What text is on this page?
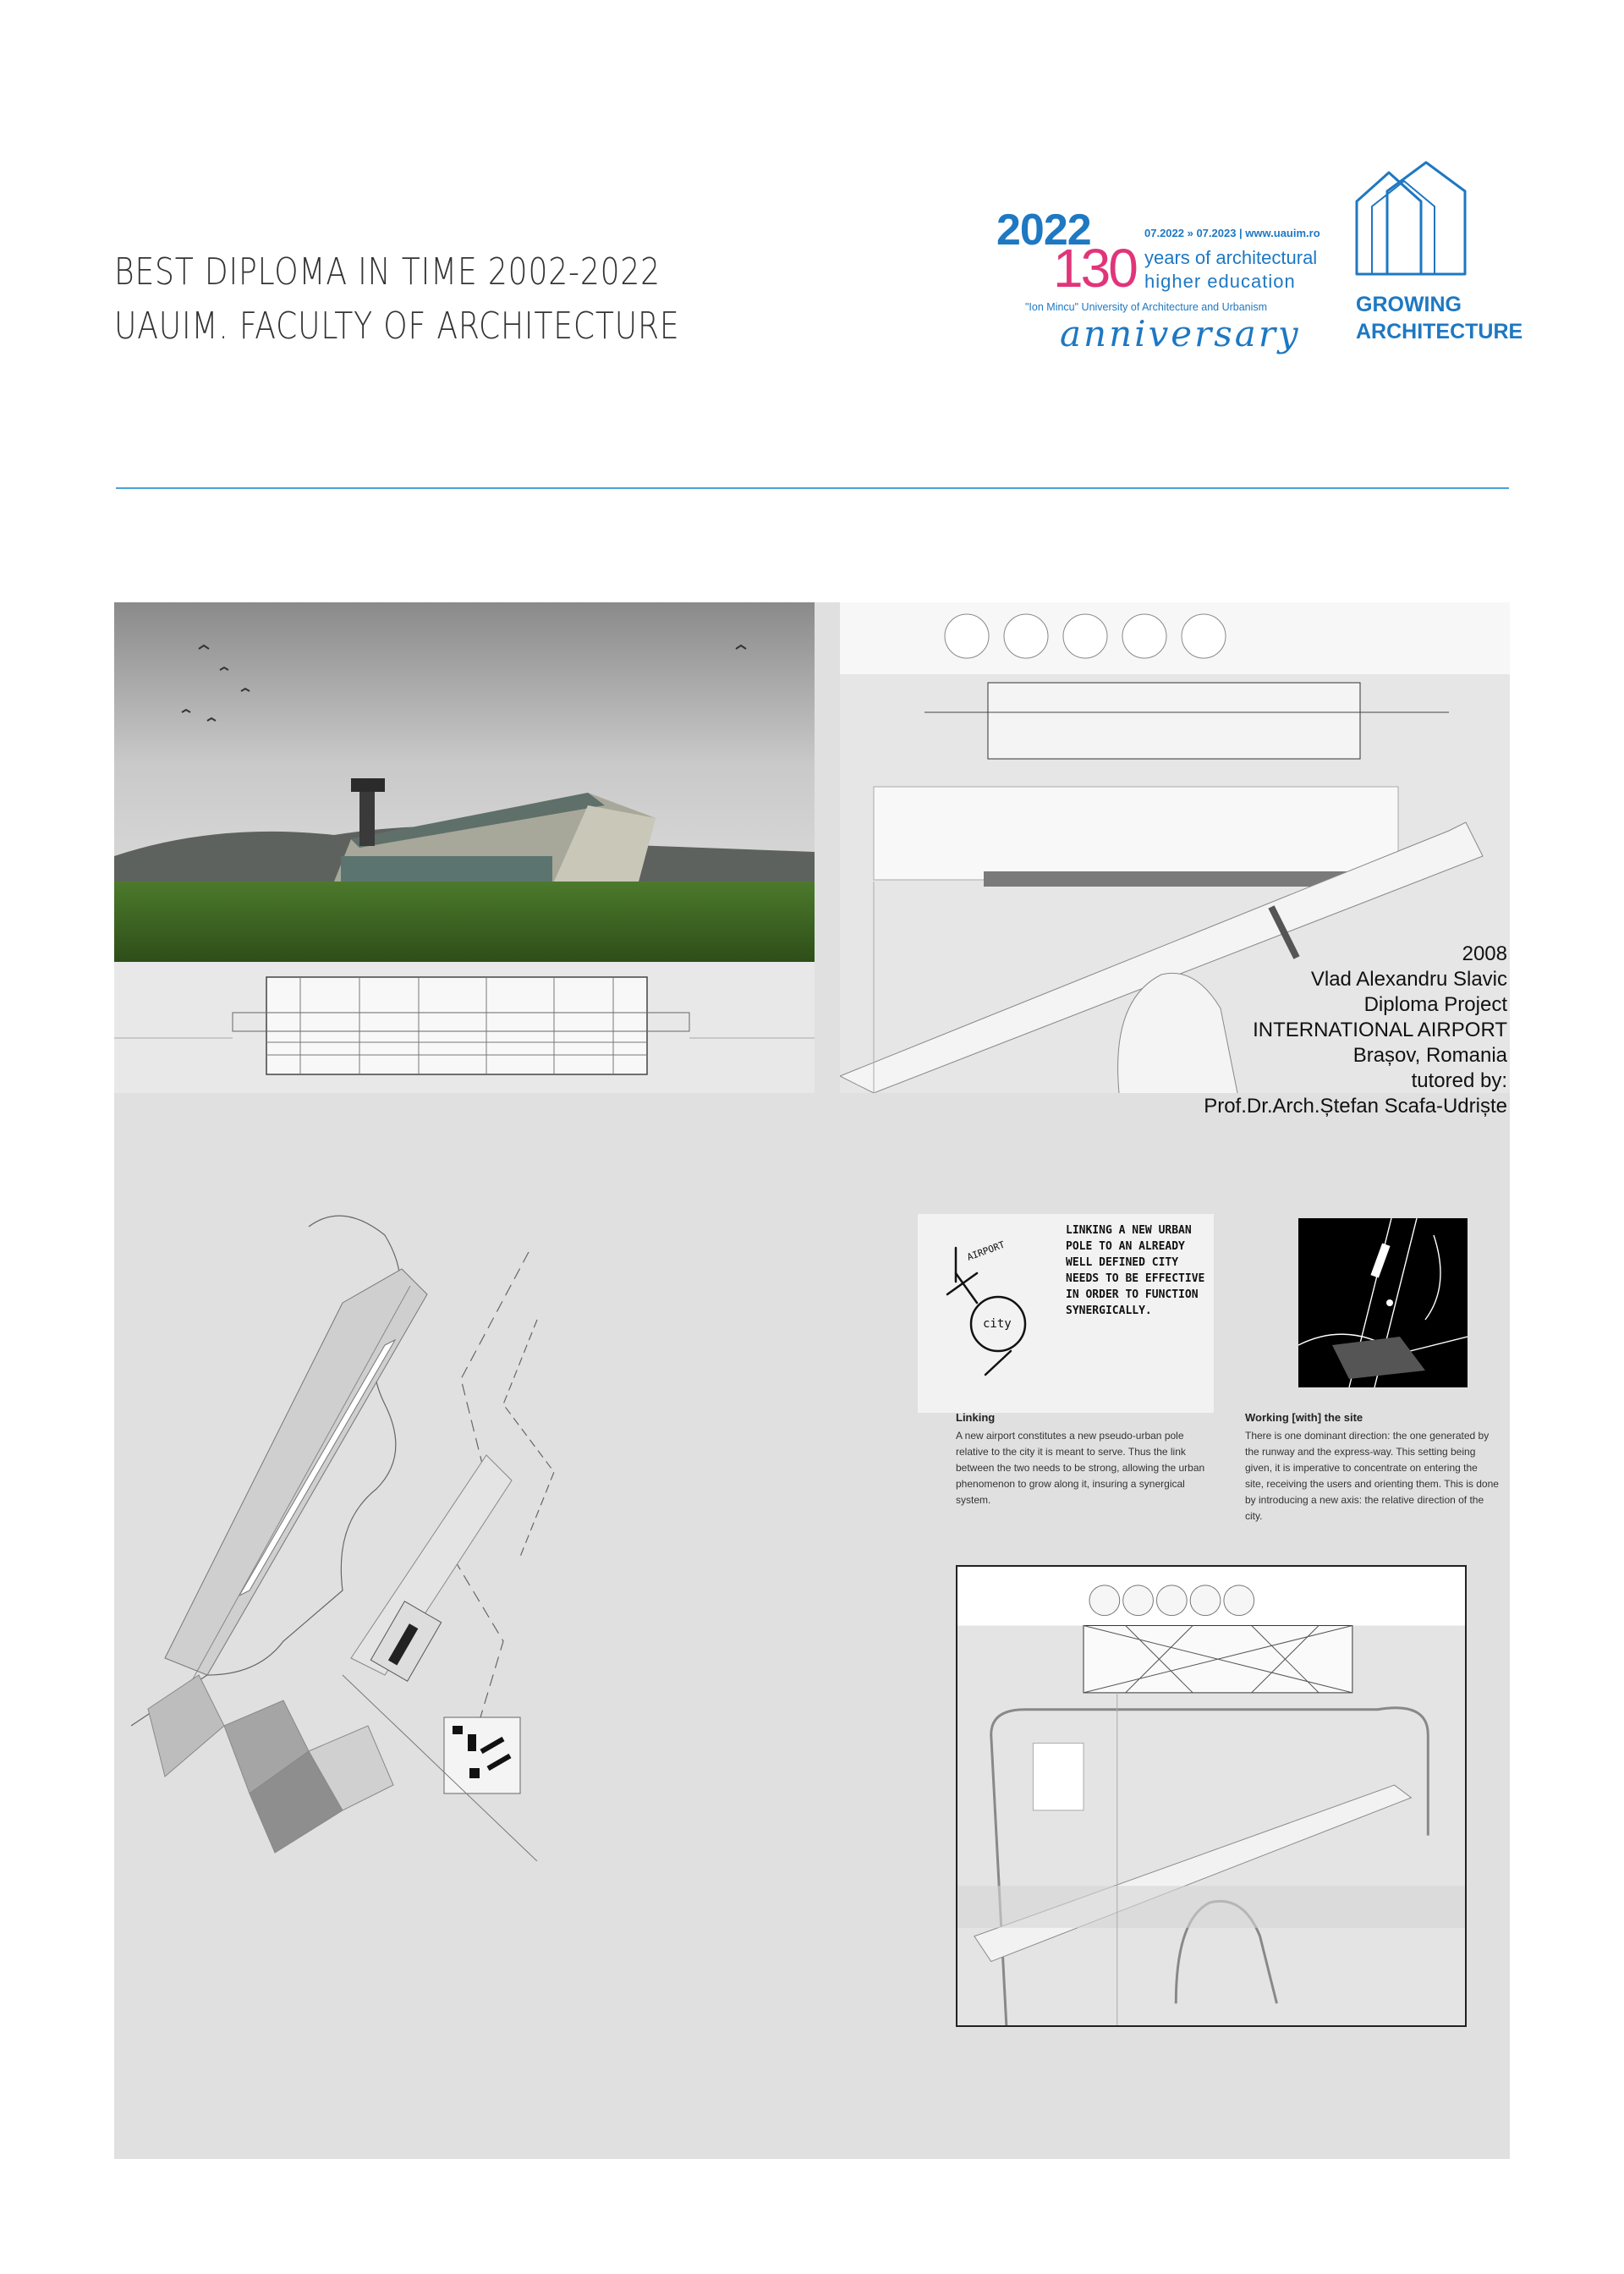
BEST DIPLOMA IN TIME 2002-2022
UAUIM. FACULTY OF ARCHITECTURE
2022
130
07.2022 » 07.2023 | www.uauim.ro
years of architectural
higher education
"Ion Mincu" University of Architecture and Urbanism
anniversary
GROWING
ARCHITECTURE
2008
Vlad Alexandru Slavic
Diploma Project
INTERNATIONAL AIRPORT
Brașov, Romania
tutored by:
Prof.Dr.Arch.Ștefan Scafa-Udriște
city
AIRPORT
LINKING A NEW URBAN POLE TO AN ALREADY WELL DEFINED CITY NEEDS TO BE EFFECTIVE IN ORDER TO FUNCTION SYNERGICALLY.
Linking
A new airport constitutes a new pseudo-urban pole relative to the city it is meant to serve. Thus the link between the two needs to be strong, allowing the urban phenomenon to grow along it, insuring a synergical system.
Working [with] the site
There is one dominant direction: the one generated by the runway and the express-way. This setting being given, it is imperative to concentrate on entering the site, receiving the users and orienting them. This is done by introducing a new axis: the relative direction of the city.
